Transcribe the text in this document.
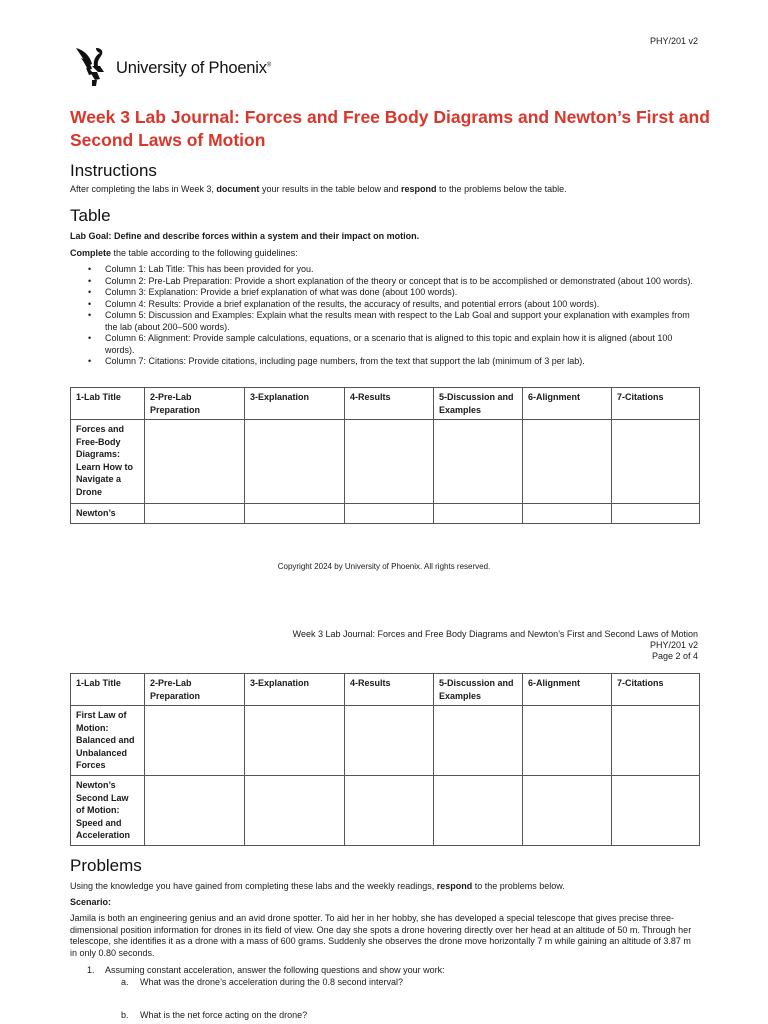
PHY/201 v2
University of Phoenix®
Week 3 Lab Journal: Forces and Free Body Diagrams and Newton’s First and Second Laws of Motion
Instructions

After completing the labs in Week 3, document your results in the table below and respond to the problems below the table.

Table

Lab Goal: Define and describe forces within a system and their impact on motion.

Complete the table according to the following guidelines:

• Column 1: Lab Title: This has been provided for you.
• Column 2: Pre-Lab Preparation: Provide a short explanation of the theory or concept that is to be accomplished or demonstrated (about 100 words).
• Column 3: Explanation: Provide a brief explanation of what was done (about 100 words).
• Column 4: Results: Provide a brief explanation of the results, the accuracy of results, and potential errors (about 100 words).
• Column 5: Discussion and Examples: Explain what the results mean with respect to the Lab Goal and support your explanation with examples from the lab (about 200–500 words).
• Column 6: Alignment: Provide sample calculations, equations, or a scenario that is aligned to this topic and explain how it is aligned (about 100 words).
• Column 7: Citations: Provide citations, including page numbers, from the text that support the lab (minimum of 3 per lab).
1-Lab Title	2-Pre-Lab Preparation	3-Explanation	4-Results	5-Discussion and Examples	6-Alignment	7-Citations
Forces and Free-Body Diagrams: Learn How to Navigate a Drone						
Newton’s						
Copyright 2024 by University of Phoenix. All rights reserved.
Week 3 Lab Journal: Forces and Free Body Diagrams and Newton’s First and Second Laws of Motion
PHY/201 v2
Page 2 of 4
1-Lab Title	2-Pre-Lab Preparation	3-Explanation	4-Results	5-Discussion and Examples	6-Alignment	7-Citations
First Law of Motion: Balanced and Unbalanced Forces						
Newton’s Second Law of Motion: Speed and Acceleration						
Problems

Using the knowledge you have gained from completing these labs and the weekly readings, respond to the problems below.

Scenario:

Jamila is both an engineering genius and an avid drone spotter. To aid her in her hobby, she has developed a special telescope that gives precise three-dimensional position information for drones in its field of view. One day she spots a drone hovering directly over her head at an altitude of 50 m. Through her telescope, she identifies it as a drone with a mass of 600 grams. Suddenly she observes the drone move horizontally 7 m while gaining an altitude of 3.87 m in only 0.80 seconds.

1. Assuming constant acceleration, answer the following questions and show your work:
a. What was the drone’s acceleration during the 0.8 second interval?
b. What is the net force acting on the drone?
